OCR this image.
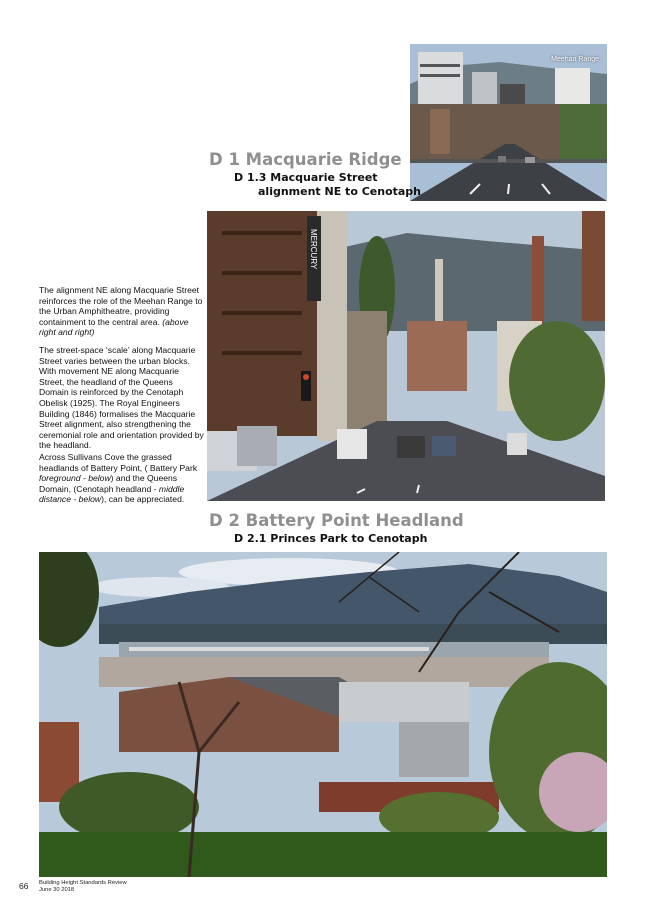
Meehan Range
D 1 Macquarie Ridge
D 1.3 Macquarie Street
alignment NE to Cenotaph
MERCURY

The alignment NE along Macquarie Street reinforces the role of the Meehan Range to the Urban Amphitheatre, providing containment to the central area. (above right and right)

The street-space ‘scale’ along Macquarie Street varies between the urban blocks. With movement NE along Macquarie Street, the headland of the Queens Domain is reinforced by the Cenotaph Obelisk (1925). The Royal Engineers Building (1846) formalises the Macquarie Street alignment, also strengthening the ceremonial role and orientation provided by the headland.

Across Sullivans Cove the grassed headlands of Battery Point, ( Battery Park foreground - below) and the Queens Domain, (Cenotaph headland - middle distance - below), can be appreciated.

D 2 Battery Point Headland
D 2.1 Princes Park to Cenotaph
66 Building Height Standards Review
June 30 2018
